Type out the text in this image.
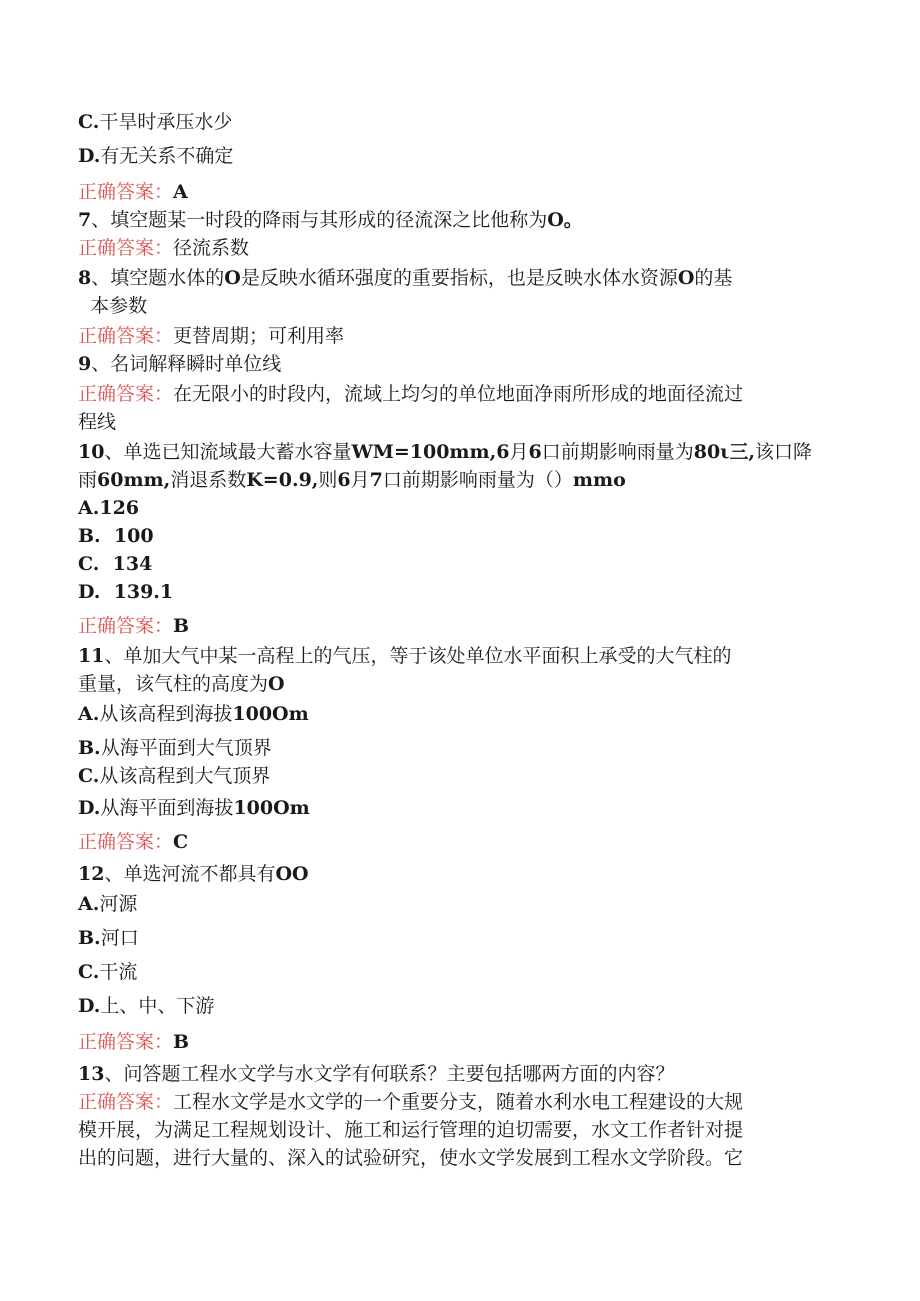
C.干旱时承压水少
D.有无关系不确定
正确答案：A
7、填空题某一时段的降雨与其形成的径流深之比他称为O。
正确答案：径流系数
8、填空题水体的O是反映水循环强度的重要指标，也是反映水体水资源O的基
本参数
正确答案：更替周期；可利用率
9、名词解释瞬时单位线
正确答案：在无限小的时段内，流域上均匀的单位地面净雨所形成的地面径流过
程线
10、单选已知流域最大蓄水容量WM=100mm,6月6口前期影响雨量为80ι三,该口降
雨60mm,消退系数K=0.9,则6月7口前期影响雨量为（）mmo
A.126
B.  100
C.  134
D.  139.1
正确答案：B
11、单加大气中某一高程上的气压，等于该处单位水平面积上承受的大气柱的
重量，该气柱的高度为O
A.从该高程到海拔100Om
B.从海平面到大气顶界
C.从该高程到大气顶界
D.从海平面到海拔100Om
正确答案：C
12、单选河流不都具有OO
A.河源
B.河口
C.干流
D.上、中、下游
正确答案：B
13、问答题工程水文学与水文学有何联系？主要包括哪两方面的内容？
正确答案：工程水文学是水文学的一个重要分支，随着水利水电工程建设的大规
模开展，为满足工程规划设计、施工和运行管理的迫切需要，水文工作者针对提
出的问题，进行大量的、深入的试验研究，使水文学发展到工程水文学阶段。它
